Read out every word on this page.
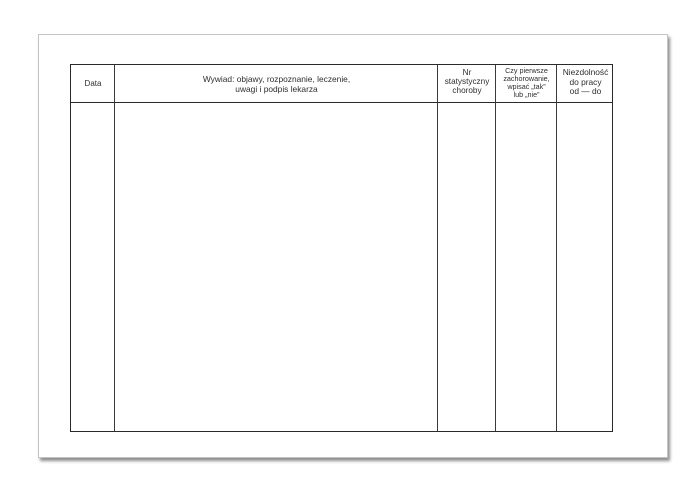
Data	Wywiad: objawy, rozpoznanie, leczenie,
uwagi i podpis lekarza
Nr
statystyczny
choroby
Czy pierwsze
zachorowanie,
wpisać „tak”
lub „nie”
Niezdolność
do pracy
od — do
